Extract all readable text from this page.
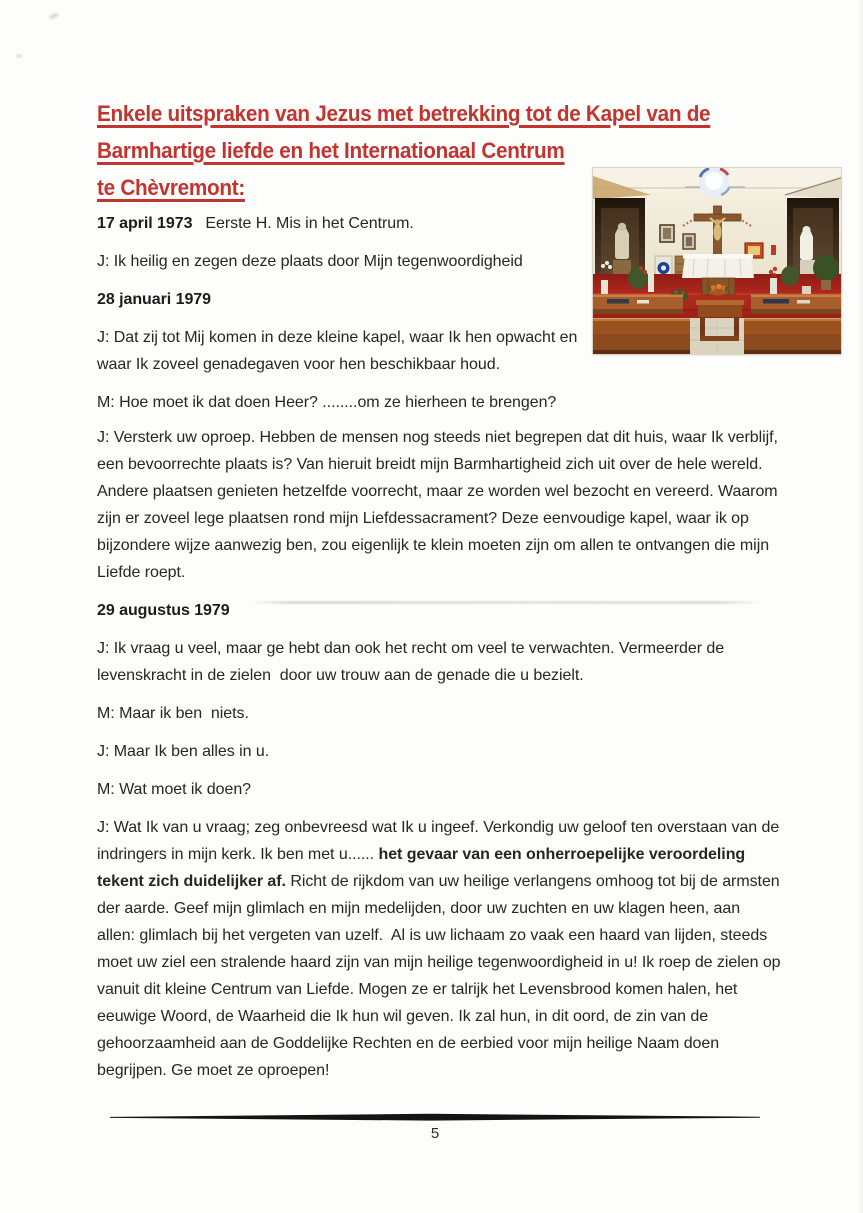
Enkele uitspraken van Jezus met betrekking tot de Kapel van de
Barmhartige liefde en het Internationaal Centrum
te Chèvremont:

17 april 1973 Eerste H. Mis in het Centrum.

J: Ik heilig en zegen deze plaats door Mijn tegenwoordigheid

28 januari 1979

J: Dat zij tot Mij komen in deze kleine kapel, waar Ik hen opwacht en waar Ik zoveel genadegaven voor hen beschikbaar houd.

M: Hoe moet ik dat doen Heer? ........om ze hierheen te brengen?

J: Versterk uw oproep. Hebben de mensen nog steeds niet begrepen dat dit huis, waar Ik verblijf, een bevoorrechte plaats is? Van hieruit breidt mijn Barmhartigheid zich uit over de hele wereld. Andere plaatsen genieten hetzelfde voorrecht, maar ze worden wel bezocht en vereerd. Waarom zijn er zoveel lege plaatsen rond mijn Liefdessacrament? Deze eenvoudige kapel, waar ik op bijzondere wijze aanwezig ben, zou eigenlijk te klein moeten zijn om allen te ontvangen die mijn Liefde roept.

29 augustus 1979

J: Ik vraag u veel, maar ge hebt dan ook het recht om veel te verwachten. Vermeerder de levenskracht in de zielen  door uw trouw aan de genade die u bezielt.

M: Maar ik ben  niets.

J: Maar Ik ben alles in u.

M: Wat moet ik doen?

J: Wat Ik van u vraag; zeg onbevreesd wat Ik u ingeef. Verkondig uw geloof ten overstaan van de indringers in mijn kerk. Ik ben met u...... het gevaar van een onherroepelijke veroordeling tekent zich duidelijker af. Richt de rijkdom van uw heilige verlangens omhoog tot bij de armsten der aarde. Geef mijn glimlach en mijn medelijden, door uw zuchten en uw klagen heen, aan allen: glimlach bij het vergeten van uzelf.  Al is uw lichaam zo vaak een haard van lijden, steeds moet uw ziel een stralende haard zijn van mijn heilige tegenwoordigheid in u! Ik roep de zielen op vanuit dit kleine Centrum van Liefde. Mogen ze er talrijk het Levensbrood komen halen, het eeuwige Woord, de Waarheid die Ik hun wil geven. Ik zal hun, in dit oord, de zin van de gehoorzaamheid aan de Goddelijke Rechten en de eerbied voor mijn heilige Naam doen begrijpen. Ge moet ze oproepen!

5
